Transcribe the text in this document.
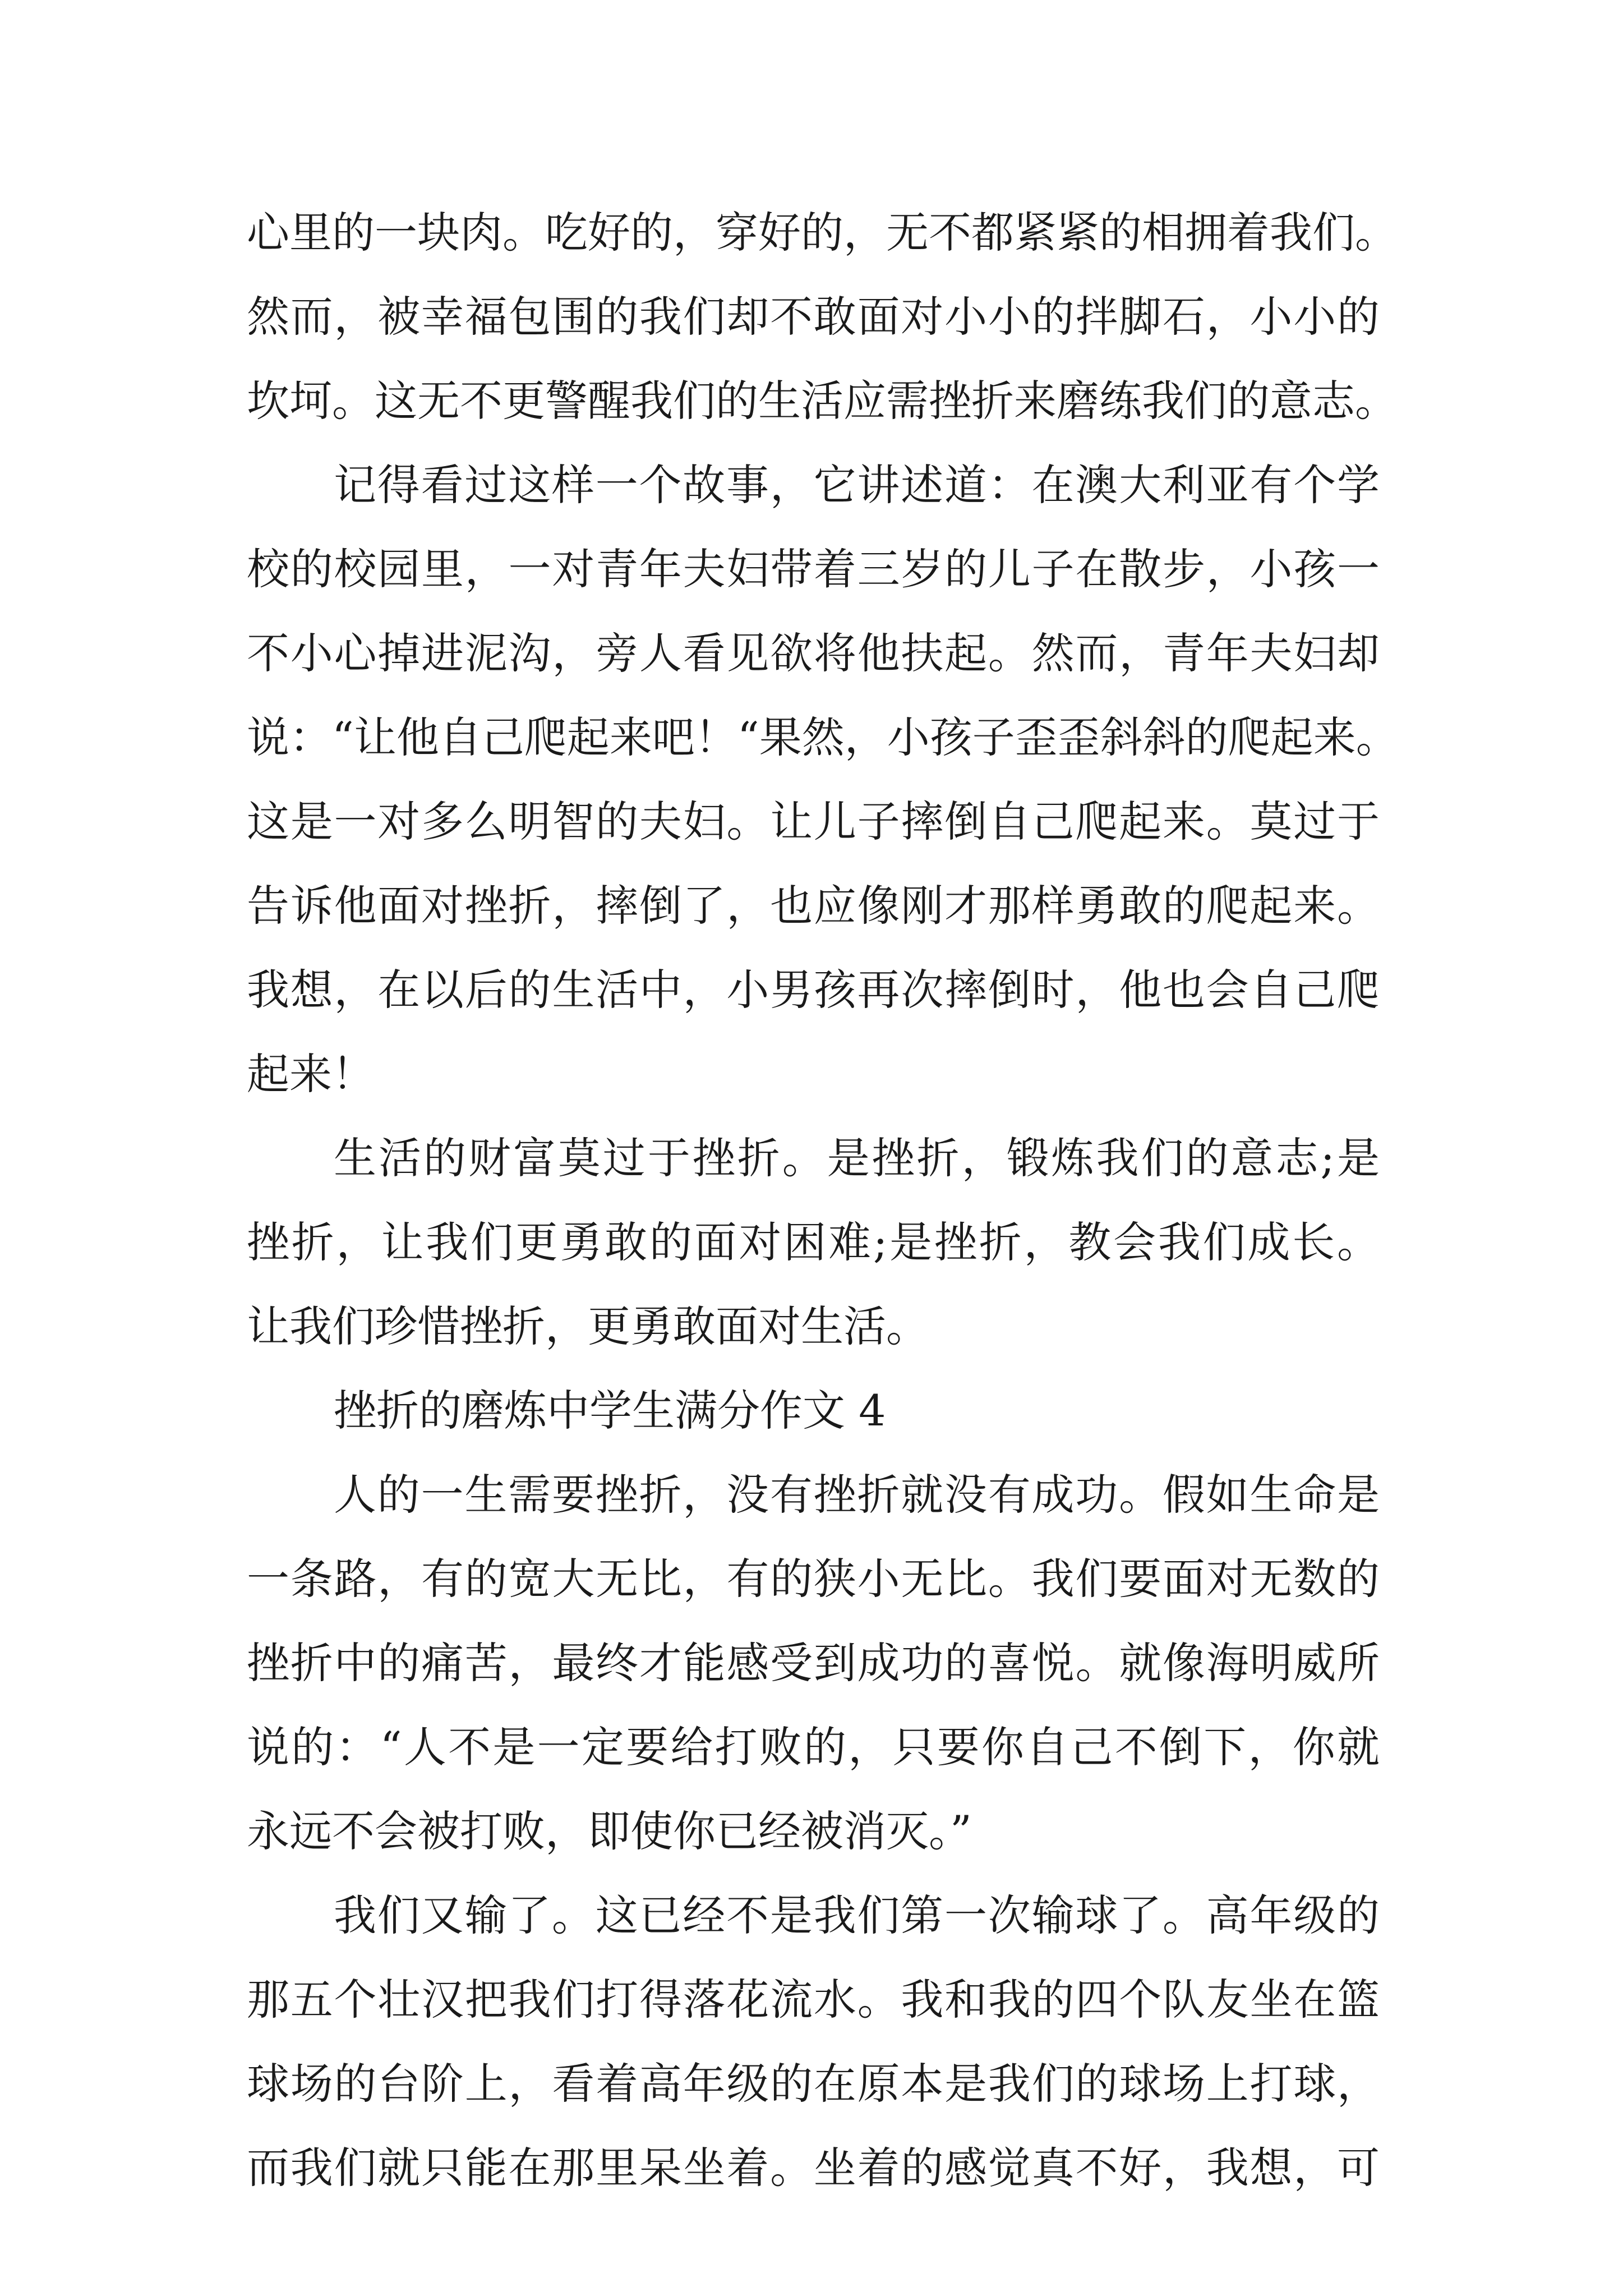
心里的一块肉。吃好的，穿好的，无不都紧紧的相拥着我们。
然而，被幸福包围的我们却不敢面对小小的拌脚石，小小的
坎坷。这无不更警醒我们的生活应需挫折来磨练我们的意志。
记得看过这样一个故事，它讲述道：在澳大利亚有个学
校的校园里，一对青年夫妇带着三岁的儿子在散步，小孩一
不小心掉进泥沟，旁人看见欲将他扶起。然而，青年夫妇却
说：“让他自己爬起来吧！“果然，小孩子歪歪斜斜的爬起来。
这是一对多么明智的夫妇。让儿子摔倒自己爬起来。莫过于
告诉他面对挫折，摔倒了，也应像刚才那样勇敢的爬起来。
我想，在以后的生活中，小男孩再次摔倒时，他也会自己爬
起来！
生活的财富莫过于挫折。是挫折，锻炼我们的意志;是
挫折，让我们更勇敢的面对困难;是挫折，教会我们成长。
让我们珍惜挫折，更勇敢面对生活。
挫折的磨炼中学生满分作文 4
人的一生需要挫折，没有挫折就没有成功。假如生命是
一条路，有的宽大无比，有的狭小无比。我们要面对无数的
挫折中的痛苦，最终才能感受到成功的喜悦。就像海明威所
说的：“人不是一定要给打败的，只要你自己不倒下，你就
永远不会被打败，即使你已经被消灭。”
我们又输了。这已经不是我们第一次输球了。高年级的
那五个壮汉把我们打得落花流水。我和我的四个队友坐在篮
球场的台阶上，看着高年级的在原本是我们的球场上打球，
而我们就只能在那里呆坐着。坐着的感觉真不好，我想，可
